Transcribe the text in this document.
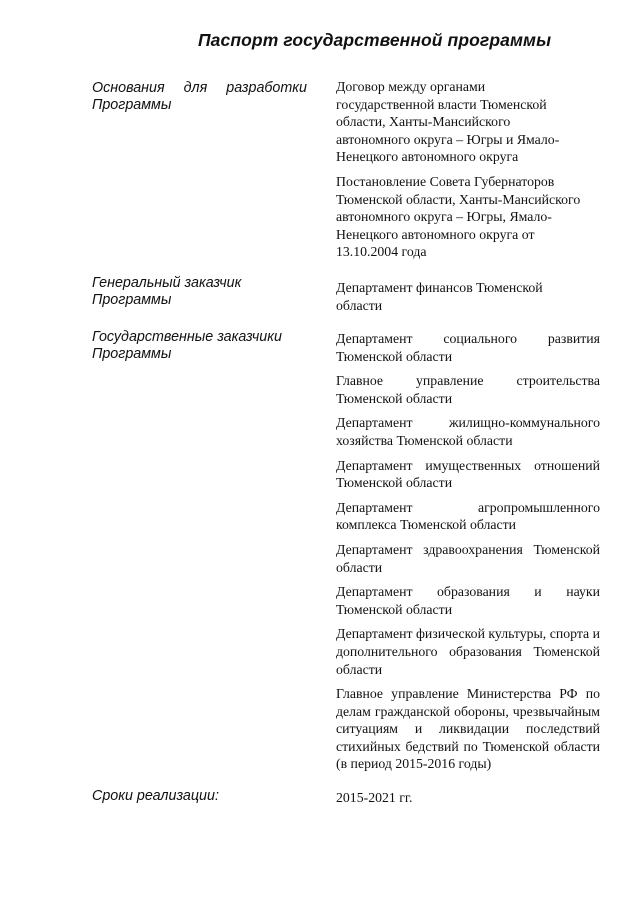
Паспорт государственной программы
Основания для разработки Программы

Договор между органами государственной власти Тюменской области, Ханты-Мансийского автономного округа – Югры и Ямало-Ненецкого автономного округа

Постановление Совета Губернаторов Тюменской области, Ханты-Мансийского автономного округа – Югры, Ямало-Ненецкого автономного округа от 13.10.2004 года

Генеральный заказчик Программы

Департамент финансов Тюменской области

Государственные заказчики Программы

Департамент социального развития Тюменской области

Главное управление строительства Тюменской области

Департамент жилищно-коммунального хозяйства Тюменской области

Департамент имущественных отношений Тюменской области

Департамент агропромышленного комплекса Тюменской области

Департамент здравоохранения Тюменской области

Департамент образования и науки Тюменской области

Департамент физической культуры, спорта и дополнительного образования Тюменской области

Главное управление Министерства РФ по делам гражданской обороны, чрезвычайным ситуациям и ликвидации последствий стихийных бедствий по Тюменской области (в период 2015-2016 годы)

Сроки реализации:	2015-2021 гг.
